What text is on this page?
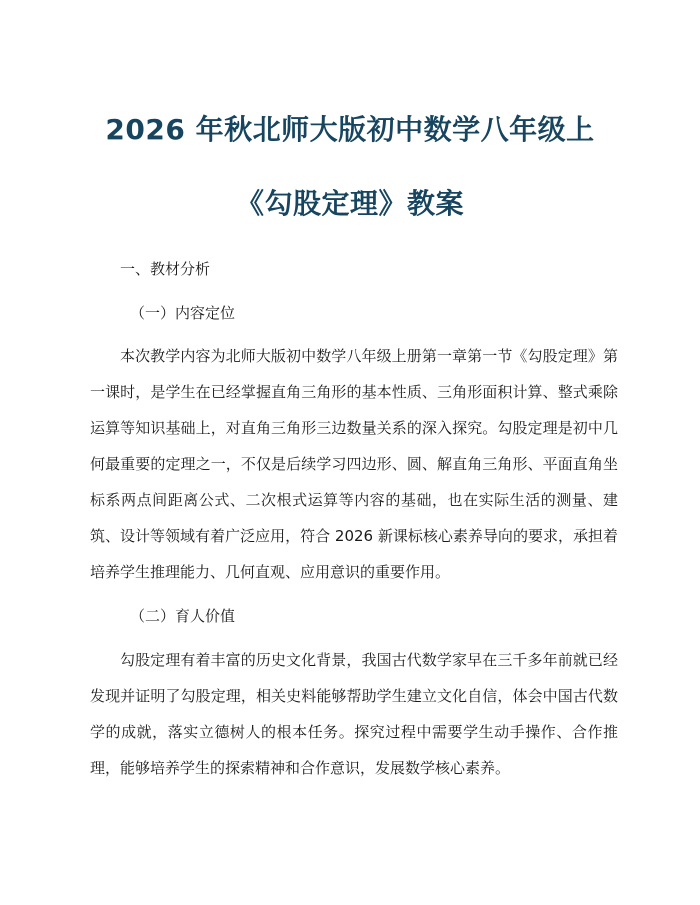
2026 年秋北师大版初中数学八年级上
《勾股定理》教案
一、教材分析
（一）内容定位

本次教学内容为北师大版初中数学八年级上册第一章第一节《勾股定理》第一课时，是学生在已经掌握直角三角形的基本性质、三角形面积计算、整式乘除运算等知识基础上，对直角三角形三边数量关系的深入探究。勾股定理是初中几何最重要的定理之一，不仅是后续学习四边形、圆、解直角三角形、平面直角坐标系两点间距离公式、二次根式运算等内容的基础，也在实际生活的测量、建筑、设计等领域有着广泛应用，符合 2026 新课标核心素养导向的要求，承担着培养学生推理能力、几何直观、应用意识的重要作用。

（二）育人价值

勾股定理有着丰富的历史文化背景，我国古代数学家早在三千多年前就已经发现并证明了勾股定理，相关史料能够帮助学生建立文化自信，体会中国古代数学的成就，落实立德树人的根本任务。探究过程中需要学生动手操作、合作推理，能够培养学生的探索精神和合作意识，发展数学核心素养。
